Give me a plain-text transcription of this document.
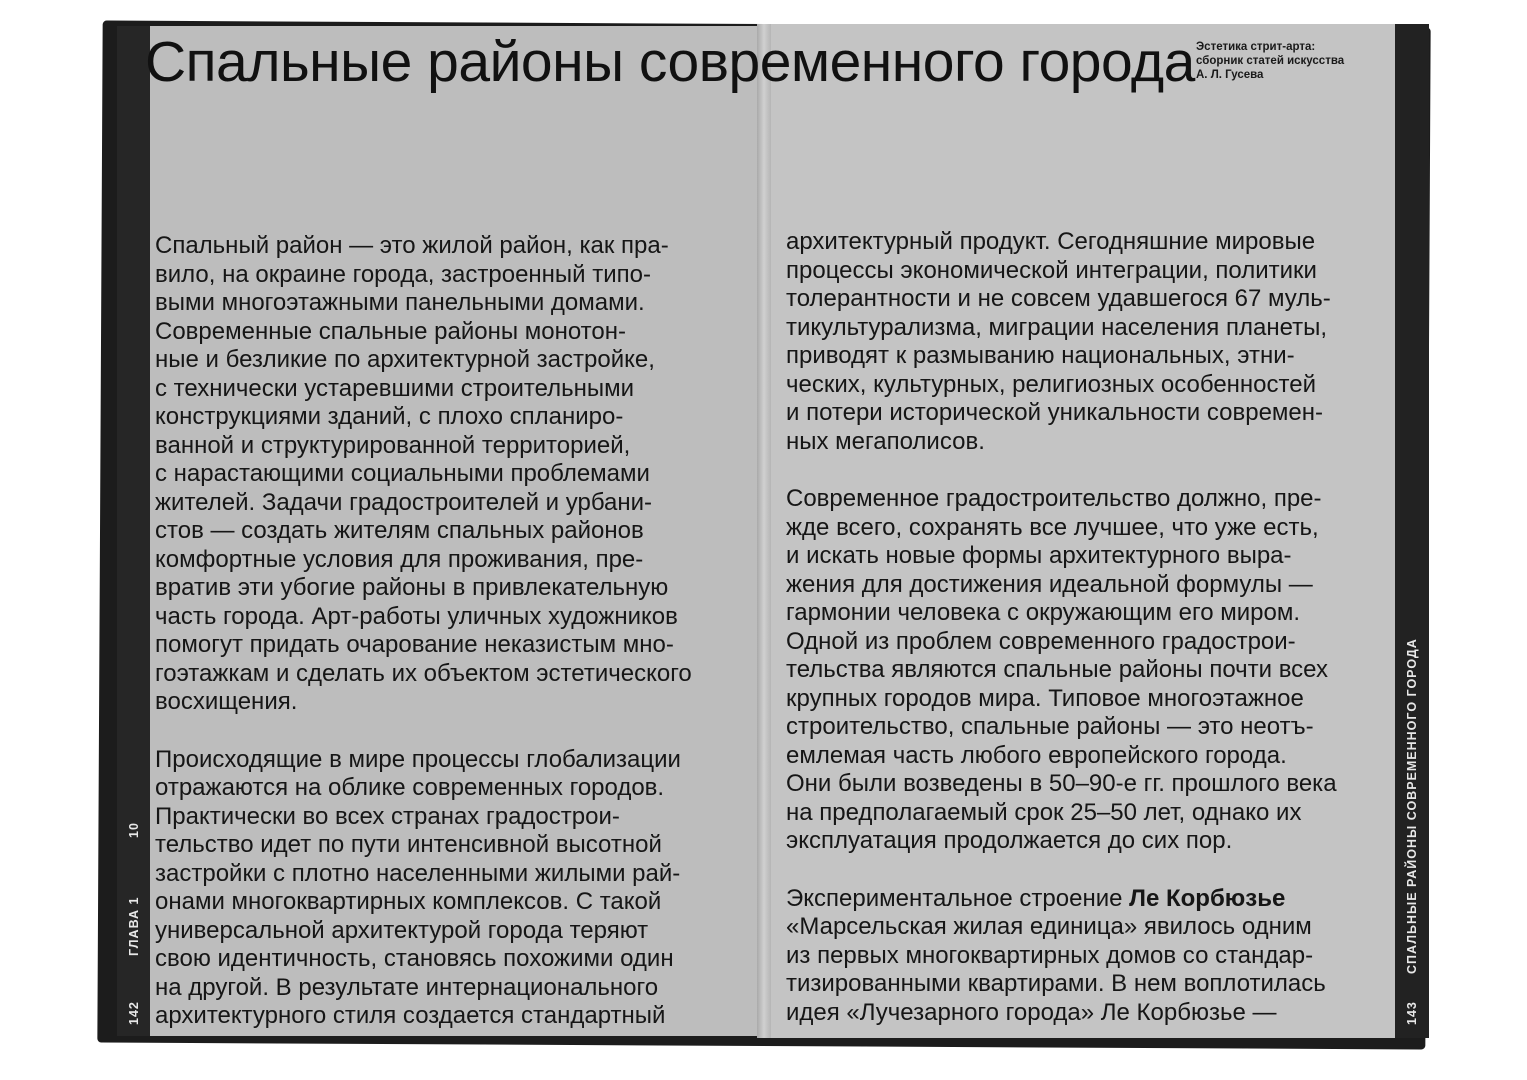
Спальные районы современного города Эстетика стрит-арта:
сборник статей искусства
А. Л. Гусева

Спальный район — это жилой район, как пра-
вило, на окраине города, застроенный типо-
выми многоэтажными панельными домами.
Современные спальные районы монотон-
ные и безликие по архитектурной застройке,
с технически устаревшими строительными
конструкциями зданий, с плохо спланиро-
ванной и структурированной территорией,
с нарастающими социальными проблемами
жителей. Задачи градостроителей и урбани-
стов — создать жителям спальных районов
комфортные условия для проживания, пре-
вратив эти убогие районы в привлекательную
часть города. Арт-работы уличных художников
помогут придать очарование неказистым мно-
гоэтажкам и сделать их объектом эстетического
восхищения.

Происходящие в мире процессы глобализации
отражаются на облике современных городов.
Практически во всех странах градострои-
тельство идет по пути интенсивной высотной
застройки с плотно населенными жилыми рай-
онами многоквартирных комплексов. С такой
универсальной архитектурой города теряют
свою идентичность, становясь похожими один
на другой. В результате интернационального
архитектурного стиля создается стандартный

архитектурный продукт. Сегодняшние мировые
процессы экономической интеграции, политики
толерантности и не совсем удавшегося 67 муль-
тикультурализма, миграции населения планеты,
приводят к размыванию национальных, этни-
ческих, культурных, религиозных особенностей
и потери исторической уникальности современ-
ных мегаполисов.

Современное градостроительство должно, пре-
жде всего, сохранять все лучшее, что уже есть,
и искать новые формы архитектурного выра-
жения для достижения идеальной формулы —
гармонии человека с окружающим его миром.
Одной из проблем современного градострои-
тельства являются спальные районы почти всех
крупных городов мира. Типовое многоэтажное
строительство, спальные районы — это неотъ-
емлемая часть любого европейского города.
Они были возведены в 50–90-е гг. прошлого века
на предполагаемый срок 25–50 лет, однако их
эксплуатация продолжается до сих пор.

Экспериментальное строение Ле Корбюзье
«Марсельская жилая единица» явилось одним
из первых многоквартирных домов со стандар-
тизированными квартирами. В нем воплотилась
идея «Лучезарного города» Ле Корбюзье —

142
ГЛАВА 1
10
143
СПАЛЬНЫЕ РАЙОНЫ СОВРЕМЕННОГО ГОРОДА
